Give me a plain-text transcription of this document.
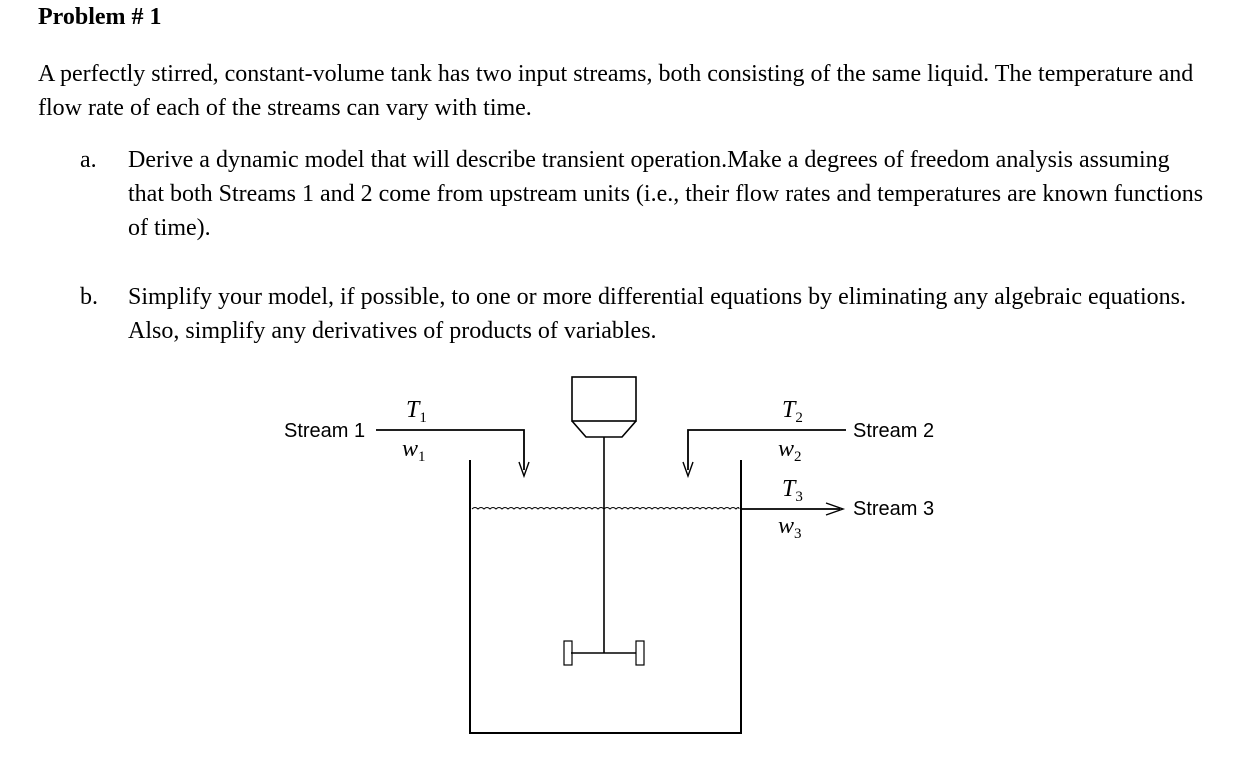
Problem # 1
A perfectly stirred, constant-volume tank has two input streams, both consisting of the same liquid. The temperature and flow rate of each of the streams can vary with time.
a. Derive a dynamic model that will describe transient operation.Make a degrees of freedom analysis assuming that both Streams 1 and 2 come from upstream units (i.e., their flow rates and temperatures are known functions of time).
b. Simplify your model, if possible, to one or more differential equations by eliminating any algebraic equations. Also, simplify any derivatives of products of variables.
Stream 1
$T_1$
$w_1$
Stream 2
$T_2$
$w_2$
Stream 3
$T_3$
$w_3$
